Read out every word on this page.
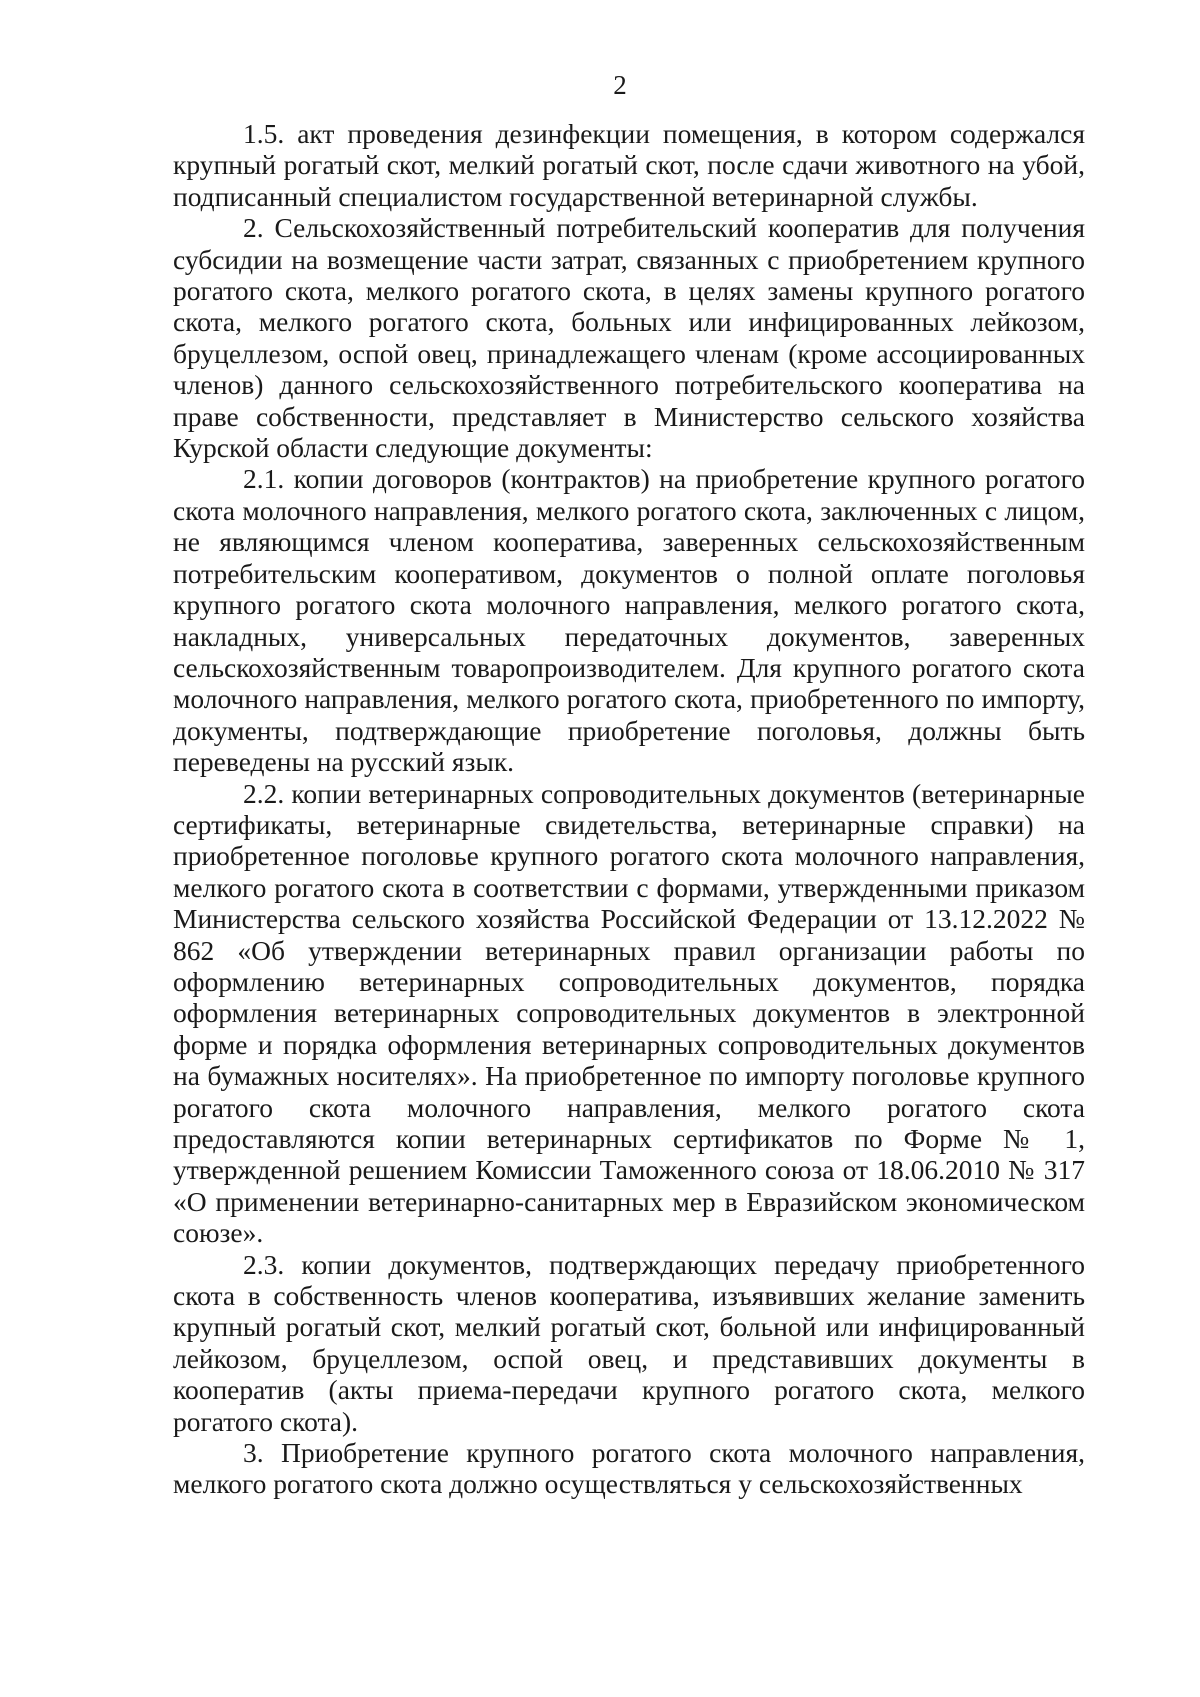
2

1.5. акт проведения дезинфекции помещения, в котором содержался крупный рогатый скот, мелкий рогатый скот, после сдачи животного на убой, подписанный специалистом государственной ветеринарной службы.

2. Сельскохозяйственный потребительский кооператив для получения субсидии на возмещение части затрат, связанных с приобретением крупного рогатого скота, мелкого рогатого скота, в целях замены крупного рогатого скота, мелкого рогатого скота, больных или инфицированных лейкозом, бруцеллезом, оспой овец, принадлежащего членам (кроме ассоциированных членов) данного сельскохозяйственного потребительского кооператива на праве собственности, представляет в Министерство сельского хозяйства Курской области следующие документы:

2.1. копии договоров (контрактов) на приобретение крупного рогатого скота молочного направления, мелкого рогатого скота, заключенных с лицом, не являющимся членом кооператива, заверенных сельскохозяйственным потребительским кооперативом, документов о полной оплате поголовья крупного рогатого скота молочного направления, мелкого рогатого скота, накладных, универсальных передаточных документов, заверенных сельскохозяйственным товаропроизводителем. Для крупного рогатого скота молочного направления, мелкого рогатого скота, приобретенного по импорту, документы, подтверждающие приобретение поголовья, должны быть переведены на русский язык.

2.2. копии ветеринарных сопроводительных документов (ветеринарные сертификаты, ветеринарные свидетельства, ветеринарные справки) на приобретенное поголовье крупного рогатого скота молочного направления, мелкого рогатого скота в соответствии с формами, утвержденными приказом Министерства сельского хозяйства Российской Федерации от 13.12.2022 № 862 «Об утверждении ветеринарных правил организации работы по оформлению ветеринарных сопроводительных документов, порядка оформления ветеринарных сопроводительных документов в электронной форме и порядка оформления ветеринарных сопроводительных документов на бумажных носителях». На приобретенное по импорту поголовье крупного рогатого скота молочного направления, мелкого рогатого скота предоставляются копии ветеринарных сертификатов по Форме № 1, утвержденной решением Комиссии Таможенного союза от 18.06.2010 № 317 «О применении ветеринарно-санитарных мер в Евразийском экономическом союзе».

2.3. копии документов, подтверждающих передачу приобретенного скота в собственность членов кооператива, изъявивших желание заменить крупный рогатый скот, мелкий рогатый скот, больной или инфицированный лейкозом, бруцеллезом, оспой овец, и представивших документы в кооператив (акты приема-передачи крупного рогатого скота, мелкого рогатого скота).

3. Приобретение крупного рогатого скота молочного направления, мелкого рогатого скота должно осуществляться у сельскохозяйственных
